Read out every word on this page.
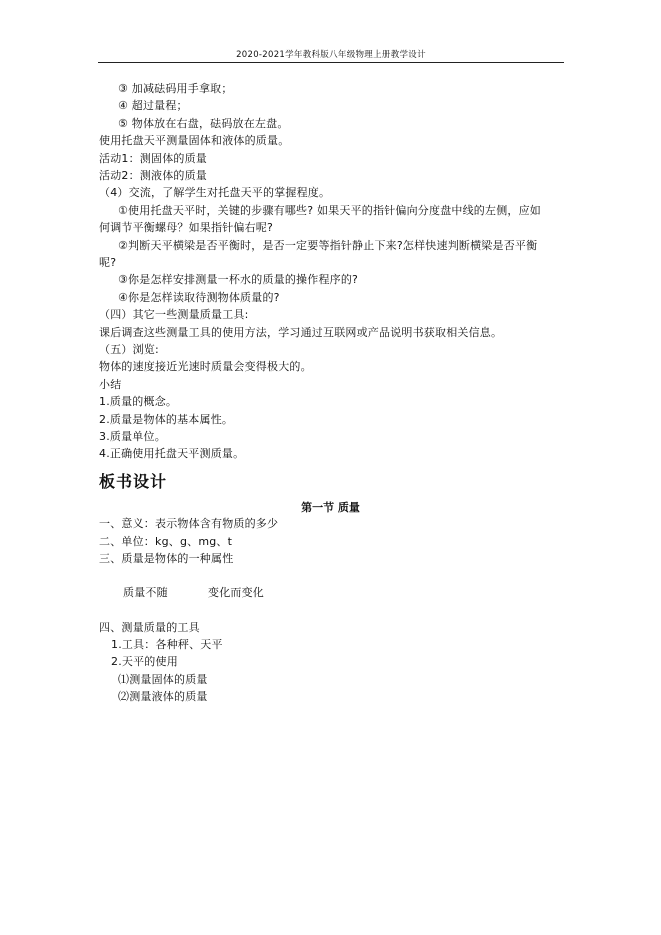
2020-2021学年教科版八年级物理上册教学设计
③ 加减砝码用手拿取；
④ 超过量程；
⑤ 物体放在右盘，砝码放在左盘。
使用托盘天平测量固体和液体的质量。
活动1：测固体的质量
活动2：测液体的质量
（4）交流，了解学生对托盘天平的掌握程度。
①使用托盘天平时，关键的步骤有哪些? 如果天平的指针偏向分度盘中线的左侧，应如
何调节平衡螺母？如果指针偏右呢?
②判断天平横梁是否平衡时，是否一定要等指针静止下来?怎样快速判断横梁是否平衡
呢?
③你是怎样安排测量一杯水的质量的操作程序的?
④你是怎样读取待测物体质量的?
（四）其它一些测量质量工具:
课后调查这些测量工具的使用方法，学习通过互联网或产品说明书获取相关信息。
（五）浏览:
物体的速度接近光速时质量会变得极大的。
小结
1.质量的概念。
2.质量是物体的基本属性。
3.质量单位。
4.正确使用托盘天平测质量。
板书设计
第一节 质量
一、意义：表示物体含有物质的多少
二、单位：kg、g、mg、t
三、质量是物体的一种属性
质量不随	变化而变化
四、测量质量的工具
1.工具：各种秤、天平
2.天平的使用
⑴测量固体的质量
⑵测量液体的质量
